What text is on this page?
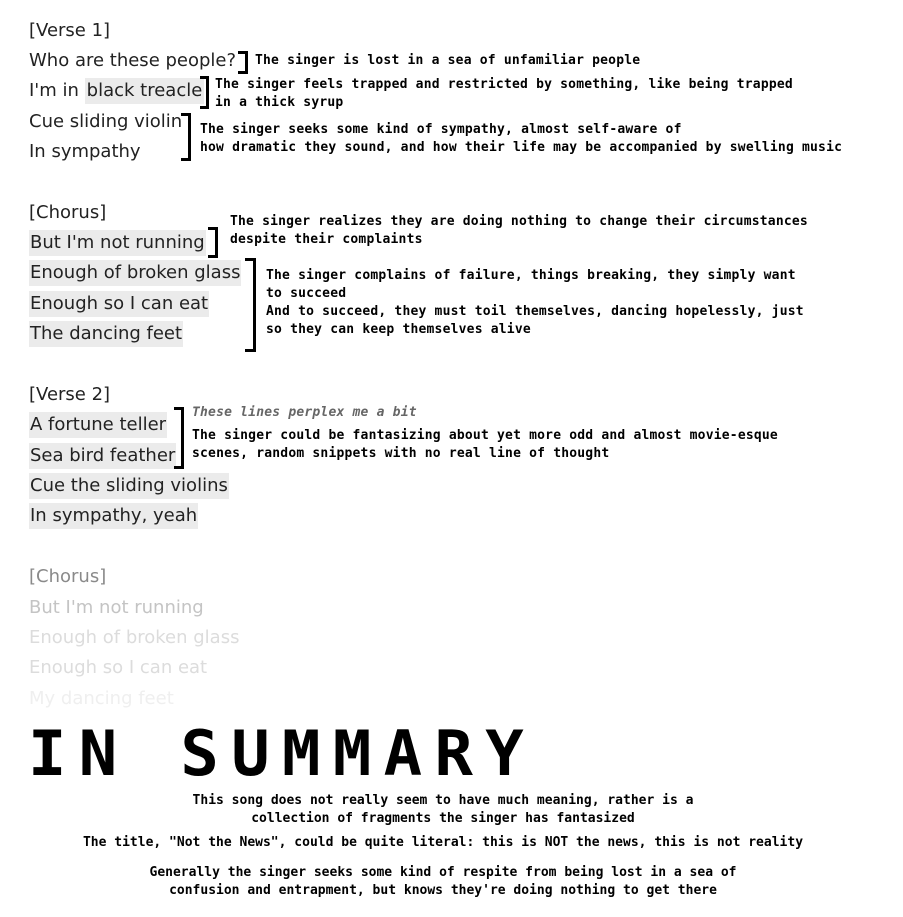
[Verse 1]
Who are these people?
I'm in black treacle
Cue sliding violin
In sympathy
The singer is lost in a sea of unfamiliar people
The singer feels trapped and restricted by something, like being trapped
in a thick syrup
The singer seeks some kind of sympathy, almost self-aware of
how dramatic they sound, and how their life may be accompanied by swelling music
[Chorus]
But I'm not running
Enough of broken glass
Enough so I can eat
The dancing feet
The singer realizes they are doing nothing to change their circumstances
despite their complaints
The singer complains of failure, things breaking, they simply want
to succeed
And to succeed, they must toil themselves, dancing hopelessly, just
so they can keep themselves alive
[Verse 2]
A fortune teller
Sea bird feather
Cue the sliding violins
In sympathy, yeah
These lines perplex me a bit
The singer could be fantasizing about yet more odd and almost movie-esque
scenes, random snippets with no real line of thought
[Chorus]
But I'm not running
Enough of broken glass
Enough so I can eat
My dancing feet
IN SUMMARY
This song does not really seem to have much meaning, rather is a
collection of fragments the singer has fantasized
The title, "Not the News", could be quite literal: this is NOT the news, this is not reality
Generally the singer seeks some kind of respite from being lost in a sea of
confusion and entrapment, but knows they're doing nothing to get there
